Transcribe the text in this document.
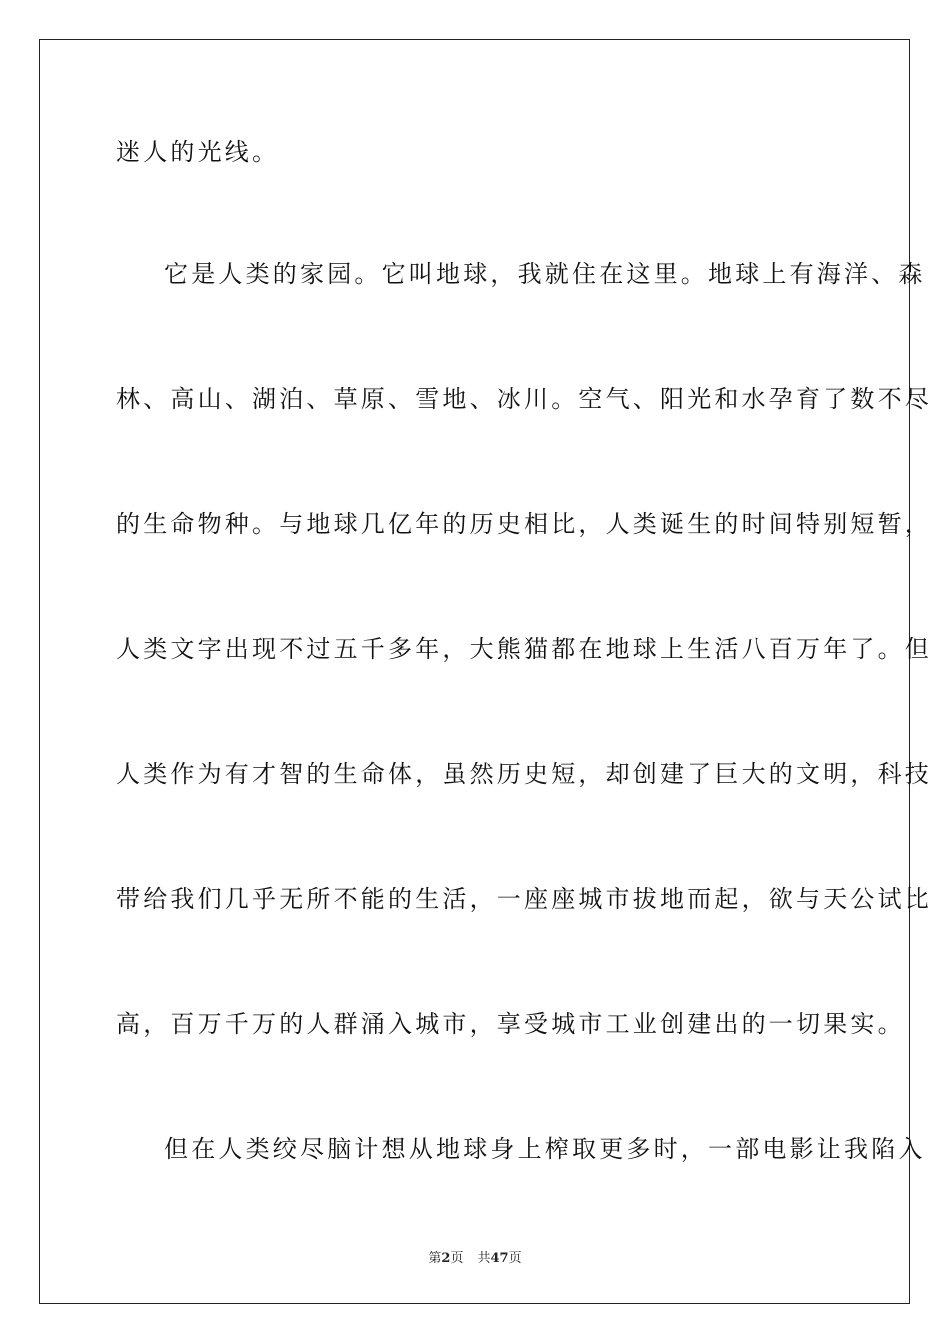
迷人的光线。
它是人类的家园。它叫地球，我就住在这里。地球上有海洋、森
林、高山、湖泊、草原、雪地、冰川。空气、阳光和水孕育了数不尽
的生命物种。与地球几亿年的历史相比，人类诞生的时间特别短暂，
人类文字出现不过五千多年，大熊猫都在地球上生活八百万年了。但
人类作为有才智的生命体，虽然历史短，却创建了巨大的文明，科技
带给我们几乎无所不能的生活，一座座城市拔地而起，欲与天公试比
高，百万千万的人群涌入城市，享受城市工业创建出的一切果实。
但在人类绞尽脑计想从地球身上榨取更多时，一部电影让我陷入
第2页 共47页
